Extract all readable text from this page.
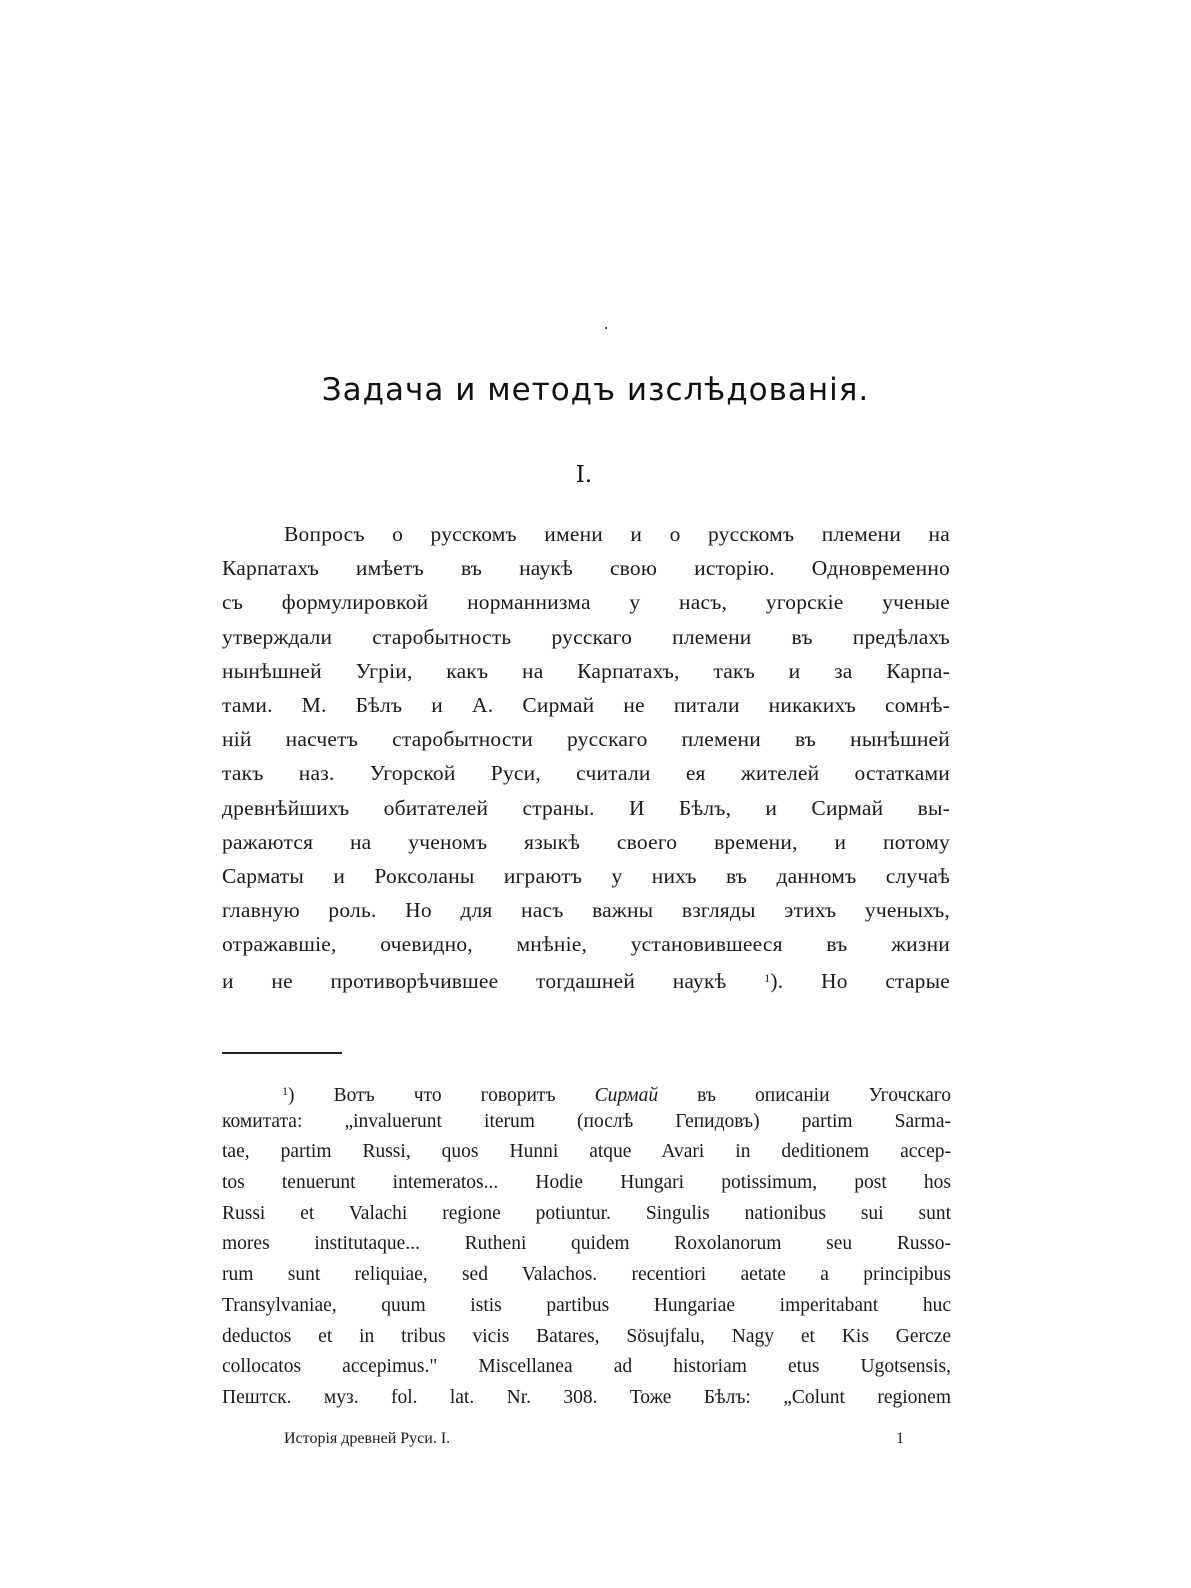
Задача и методъ изслѣдованія.
I.
Вопросъ о русскомъ имени и о русскомъ племени на
Карпатахъ имѣетъ въ наукѣ свою исторію. Одновременно
съ формулировкой норманнизма у насъ, угорскіе ученые
утверждали старобытность русскаго племени въ предѣлахъ
нынѣшней Угріи, какъ на Карпатахъ, такъ и за Карпа-
тами. М. Бѣлъ и А. Сирмай не питали никакихъ сомнѣ-
ній насчетъ старобытности русскаго племени въ нынѣшней
такъ наз. Угорской Руси, считали ея жителей остатками
древнѣйшихъ обитателей страны. И Бѣлъ, и Сирмай вы-
ражаются на ученомъ языкѣ своего времени, и потому
Сарматы и Роксоланы играютъ у нихъ въ данномъ случаѣ
главную роль. Но для насъ важны взгляды этихъ ученыхъ,
отражавшіе, очевидно, мнѣніе, установившееся въ жизни
и не противорѣчившее тогдашней наукѣ	$^1$). Но старые
$^1$) Вотъ что говоритъ Сирмай въ описаніи Угочскаго
комитата: „invaluerunt iterum (послѣ Гепидовъ) partim Sarma-
tae, partim Russi, quos Hunni atque Avari in deditionem accep-
tos tenuerunt intemeratos... Hodie Hungari potissimum, post hos
Russi et Valachi regione potiuntur. Singulis nationibus sui sunt
mores institutaque... Rutheni quidem Roxolanorum seu Russo-
rum sunt reliquiae, sed Valachos. recentiori aetate a principibus
Transylvaniae, quum istis partibus Hungariae imperitabant huc
deductos et in tribus vicis Batares, Sösujfalu, Nagy et Kis Gercze
collocatos accepimus." Miscellanea ad historiam etus Ugotsensis,
Пештск. муз. fol. lat. Nr. 308. Тоже Бѣлъ: „Colunt regionem
Исторія древней Руси. I.	1
